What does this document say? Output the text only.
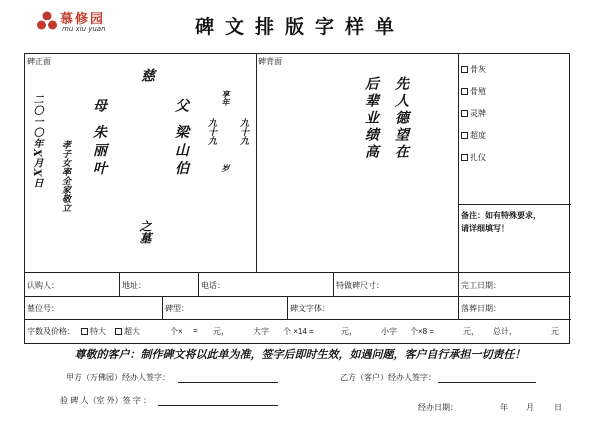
慕修园
mu xiu yuan	碑文排版字样单
碑正面
慈
二〇一〇年X月X日 孝子女率全家敬立 母 朱丽叶	父 梁山伯	享年
九十九 九十九
岁
之墓
碑背面
先人德望在
后辈业绩高
骨灰
骨殖
灵牌
超度
扎仪
备注：如有特殊要求，
请详细填写！
认购人：	地址：	电话：	特做碑尺寸：	完工日期：
墓位号：	碑型：	碑文字体：	落葬日期：
字数及价格： 特大 超大	个× = 元，	大字 个 ×14 =	元，	小字 个×8 =	元， 总计，	元
尊敬的客户：制作碑文将以此单为准，签字后即时生效，如遇问题，客户自行承担一切责任！
甲方（万佛园）经办人签字：	乙方（客户）经办人签字：
验 碑 人（室 外）签 字 ：
经办日期：	年 月	日
